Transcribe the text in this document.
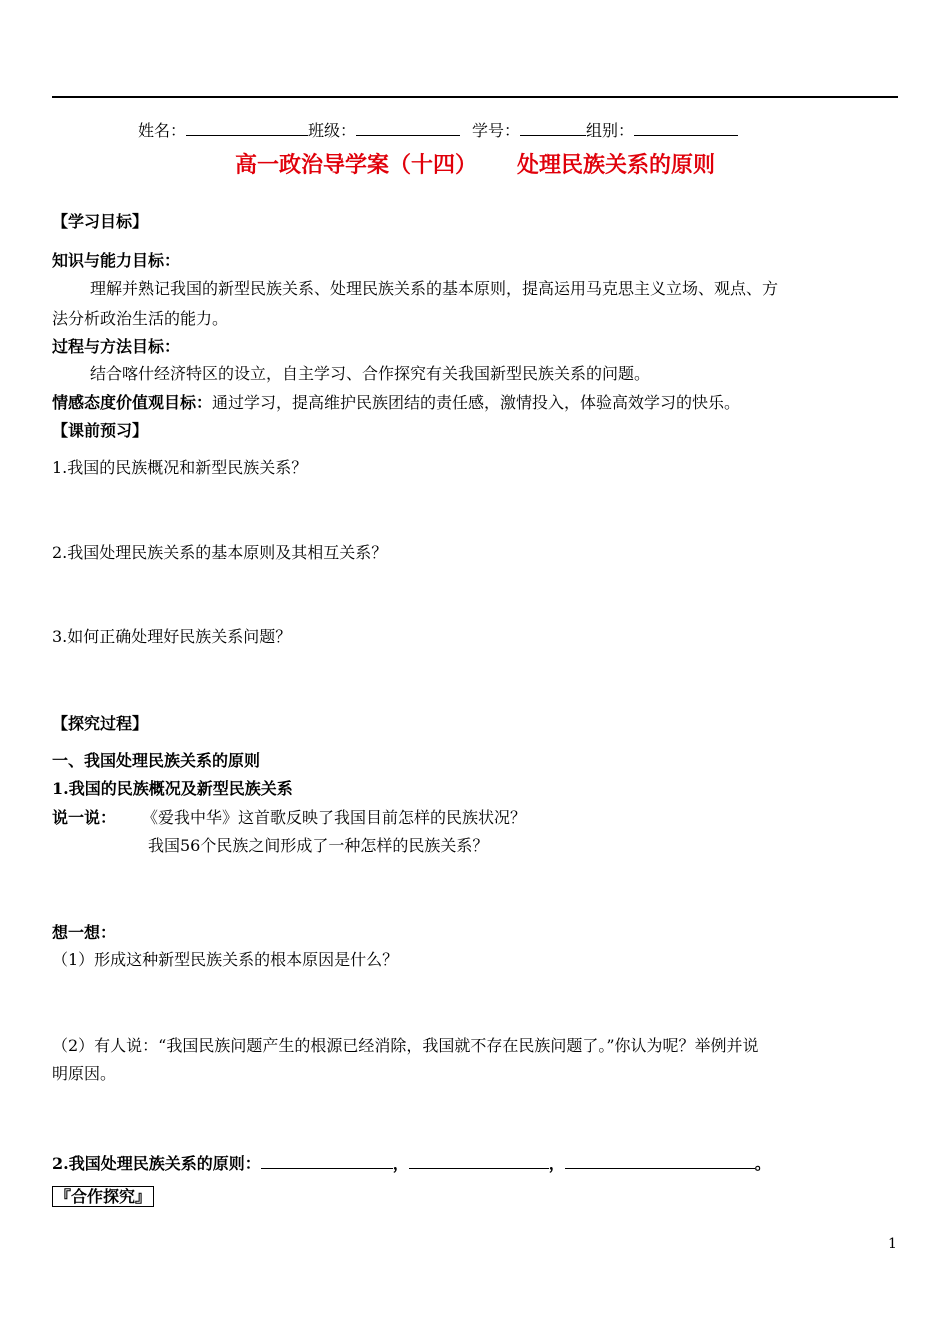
姓名：	班级：	学号：	组别：
高一政治导学案（十四） 处理民族关系的原则
【学习目标】
知识与能力目标：
理解并熟记我国的新型民族关系、处理民族关系的基本原则，提高运用马克思主义立场、观点、方
法分析政治生活的能力。
过程与方法目标：
结合喀什经济特区的设立，自主学习、合作探究有关我国新型民族关系的问题。
情感态度价值观目标：通过学习，提高维护民族团结的责任感，激情投入，体验高效学习的快乐。
【课前预习】
1.我国的民族概况和新型民族关系？
2.我国处理民族关系的基本原则及其相互关系？
3.如何正确处理好民族关系问题？
【探究过程】
一、我国处理民族关系的原则
1.我国的民族概况及新型民族关系
说一说： 《爱我中华》这首歌反映了我国目前怎样的民族状况？
我国56个民族之间形成了一种怎样的民族关系？
想一想：
（1）形成这种新型民族关系的根本原因是什么？
（2）有人说：“我国民族问题产生的根源已经消除，我国就不存在民族问题了。”你认为呢？举例并说
明原因。
2.我国处理民族关系的原则：	，	，	。
『合作探究』
1
